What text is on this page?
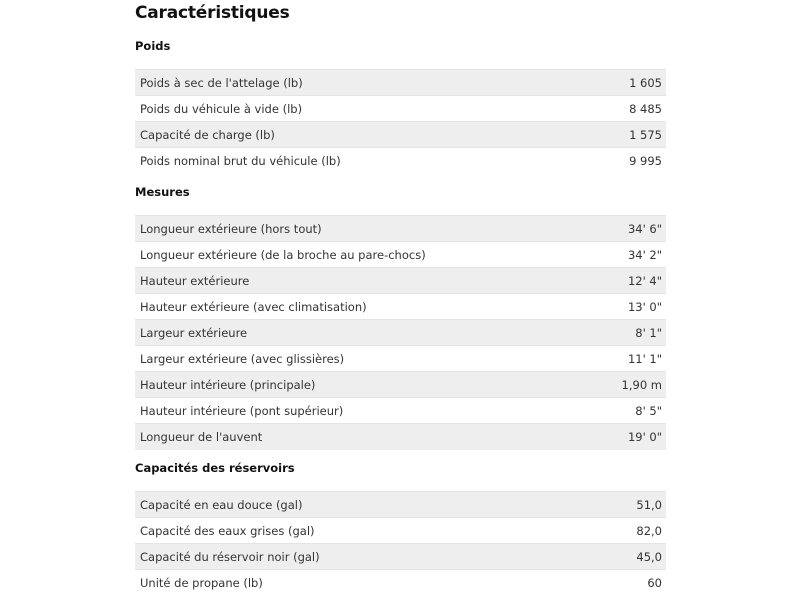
Caractéristiques
Poids
Poids à sec de l'attelage (lb)	1 605
Poids du véhicule à vide (lb)	8 485
Capacité de charge (lb)	1 575
Poids nominal brut du véhicule (lb)	9 995
Mesures
Longueur extérieure (hors tout)	34' 6"
Longueur extérieure (de la broche au pare-chocs)	34' 2"
Hauteur extérieure	12' 4"
Hauteur extérieure (avec climatisation)	13' 0"
Largeur extérieure	8' 1"
Largeur extérieure (avec glissières)	11' 1"
Hauteur intérieure (principale)	1,90 m
Hauteur intérieure (pont supérieur)	8' 5"
Longueur de l'auvent	19' 0"
Capacités des réservoirs
Capacité en eau douce (gal)	51,0
Capacité des eaux grises (gal)	82,0
Capacité du réservoir noir (gal)	45,0
Unité de propane (lb)	60
